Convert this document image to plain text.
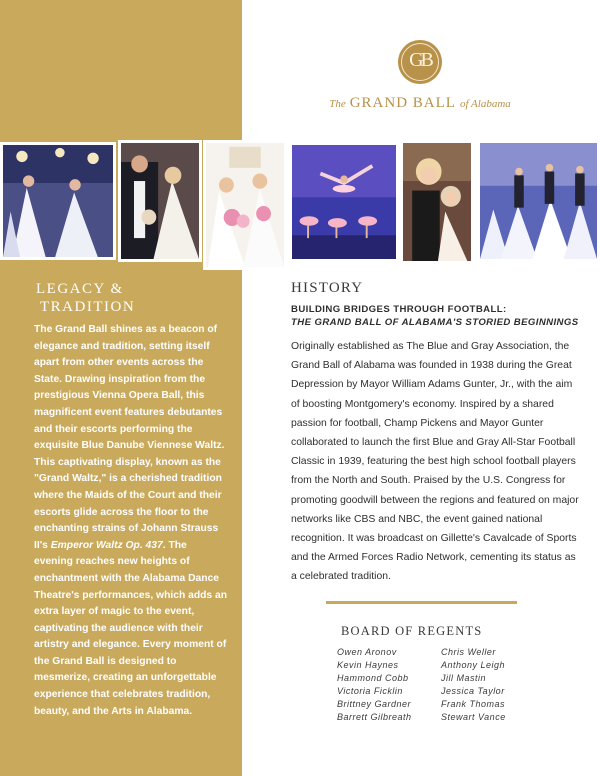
GB
The GRAND BALL of Alabama
LEGACY &
TRADITION
The Grand Ball shines as a beacon of elegance and tradition, setting itself apart from other events across the State. Drawing inspiration from the prestigious Vienna Opera Ball, this magnificent event features debutantes and their escorts performing the exquisite Blue Danube Viennese Waltz. This captivating display, known as the "Grand Waltz," is a cherished tradition where the Maids of the Court and their escorts glide across the floor to the enchanting strains of Johann Strauss II's Emperor Waltz Op. 437. The evening reaches new heights of enchantment with the Alabama Dance Theatre's performances, which adds an extra layer of magic to the event, captivating the audience with their artistry and elegance. Every moment of the Grand Ball is designed to mesmerize, creating an unforgettable experience that celebrates tradition, beauty, and the Arts in Alabama.
HISTORY
BUILDING BRIDGES THROUGH FOOTBALL:
THE GRAND BALL OF ALABAMA'S STORIED BEGINNINGS
Originally established as The Blue and Gray Association, the Grand Ball of Alabama was founded in 1938 during the Great Depression by Mayor William Adams Gunter, Jr., with the aim of boosting Montgomery's economy. Inspired by a shared passion for football, Champ Pickens and Mayor Gunter collaborated to launch the first Blue and Gray All-Star Football Classic in 1939, featuring the best high school football players from the North and South. Praised by the U.S. Congress for promoting goodwill between the regions and featured on major networks like CBS and NBC, the event gained national recognition. It was broadcast on Gillette's Cavalcade of Sports and the Armed Forces Radio Network, cementing its status as a celebrated tradition.
BOARD OF REGENTS
Owen Aronov
Kevin Haynes
Hammond Cobb
Victoria Ficklin
Brittney Gardner
Barrett Gilbreath
Chris Weller
Anthony Leigh
Jill Mastin
Jessica Taylor
Frank Thomas
Stewart Vance
